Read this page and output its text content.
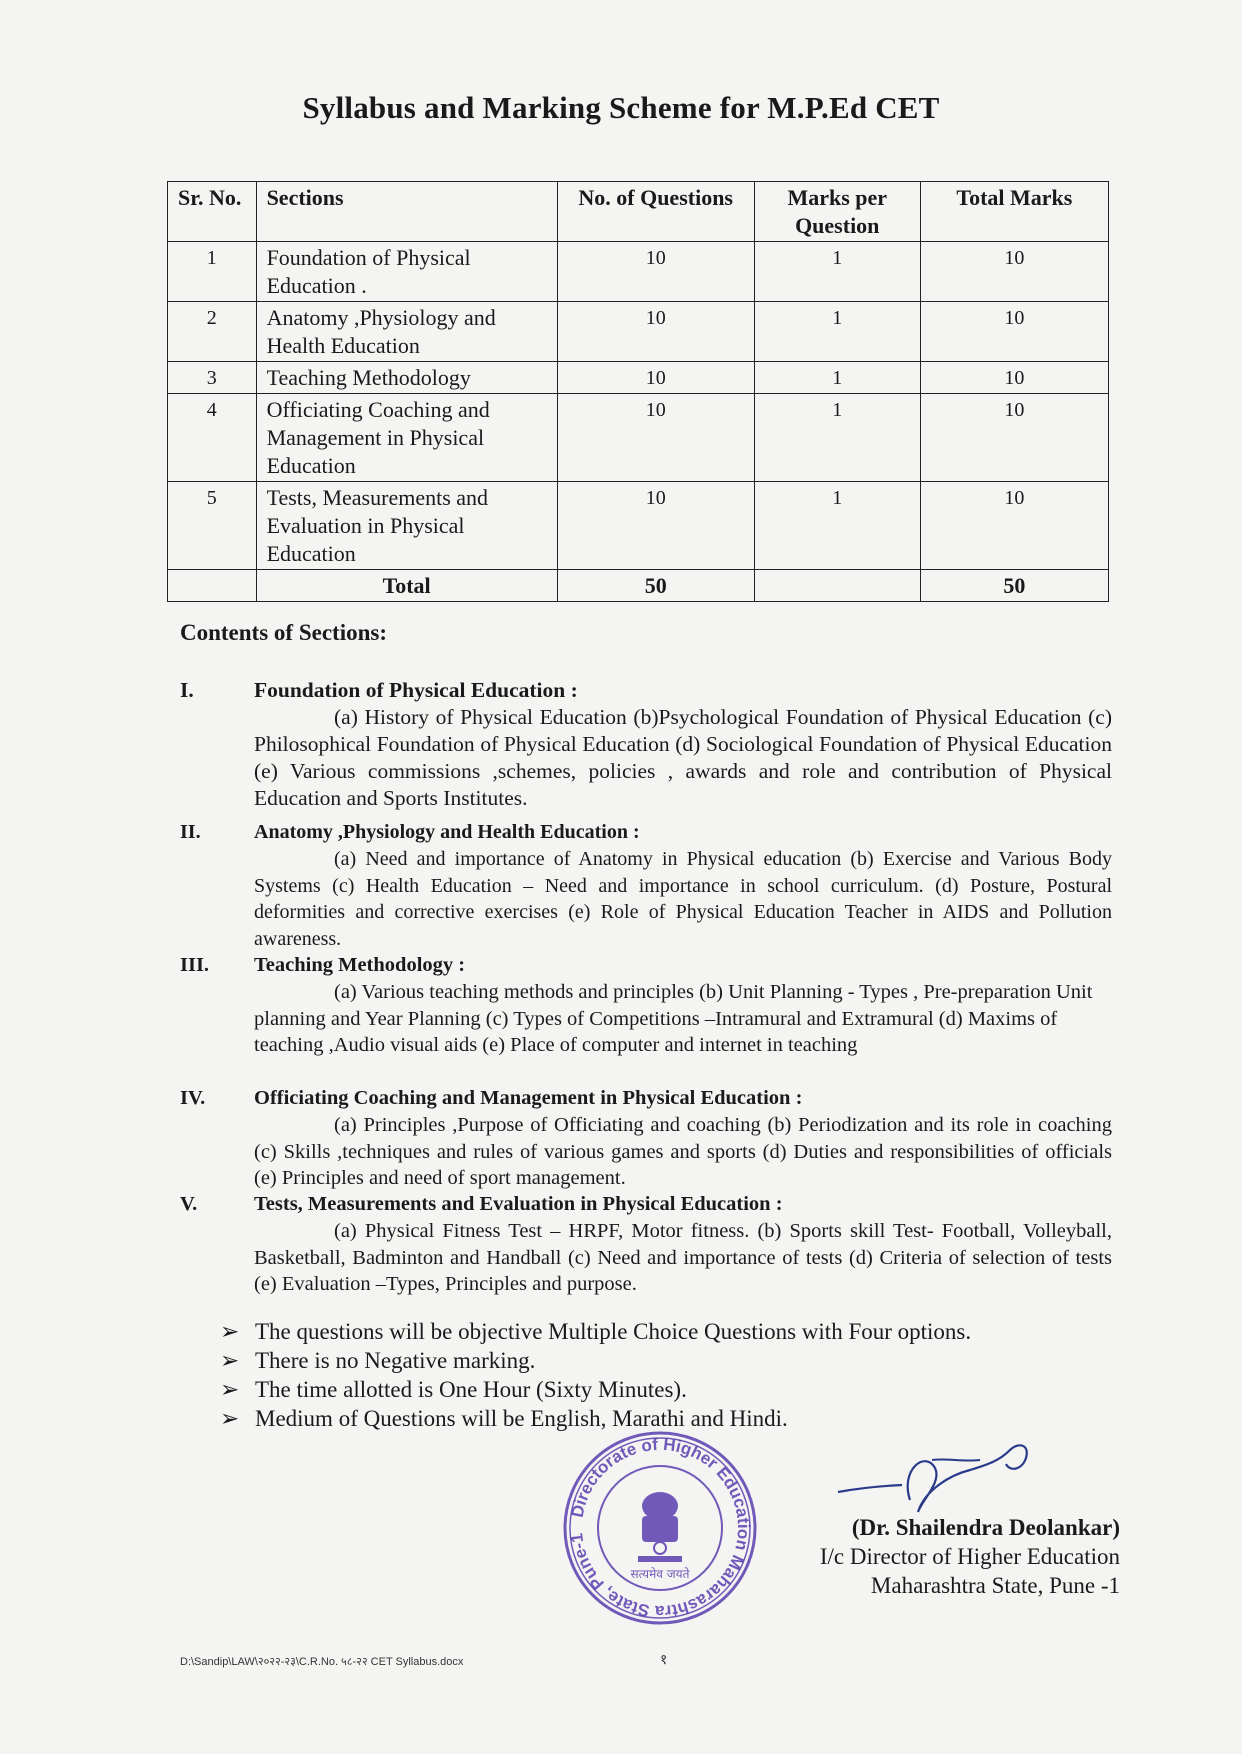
Syllabus and Marking Scheme for M.P.Ed CET
Sr. No.	Sections	No. of Questions	Marks per Question	Total Marks
1	Foundation of Physical Education .	10	1	10
2	Anatomy ,Physiology and Health Education	10	1	10
3	Teaching Methodology	10	1	10
4	Officiating Coaching and Management in Physical Education	10	1	10
5	Tests, Measurements and Evaluation in Physical Education	10	1	10
	Total	50		50
Contents of Sections:
I.	Foundation of Physical Education :
(a) History of Physical Education (b)Psychological Foundation of Physical Education (c) Philosophical Foundation of Physical Education (d) Sociological Foundation of Physical Education (e) Various commissions ,schemes, policies , awards and role and contribution of Physical Education and Sports Institutes.
II.	Anatomy ,Physiology and Health Education :
(a) Need and importance of Anatomy in Physical education (b) Exercise and Various Body Systems (c) Health Education – Need and importance in school curriculum. (d) Posture, Postural deformities and corrective exercises (e) Role of Physical Education Teacher in AIDS and Pollution awareness.
III.	Teaching Methodology :
(a) Various teaching methods and principles (b) Unit Planning - Types , Pre-preparation Unit planning and Year Planning (c) Types of Competitions –Intramural and Extramural (d) Maxims of teaching ,Audio visual aids (e) Place of computer and internet in teaching
IV.	Officiating Coaching and Management in Physical Education :
(a) Principles ,Purpose of Officiating and coaching (b) Periodization and its role in coaching (c) Skills ,techniques and rules of various games and sports (d) Duties and responsibilities of officials (e) Principles and need of sport management.
V.	Tests, Measurements and Evaluation in Physical Education :
(a) Physical Fitness Test – HRPF, Motor fitness. (b) Sports skill Test- Football, Volleyball, Basketball, Badminton and Handball (c) Need and importance of tests (d) Criteria of selection of tests (e) Evaluation –Types, Principles and purpose.
➢ The questions will be objective Multiple Choice Questions with Four options.
➢ There is no Negative marking.
➢ The time allotted is One Hour (Sixty Minutes).
➢ Medium of Questions will be English, Marathi and Hindi.
Directorate of Higher Education Maharashtra State, Pune-1
सत्यमेव जयते
(Dr. Shailendra Deolankar)
I/c Director of Higher Education
Maharashtra State, Pune -1
D:\Sandip\LAW\२०२२-२३\C.R.No. ५८-२२ CET Syllabus.docx	१
